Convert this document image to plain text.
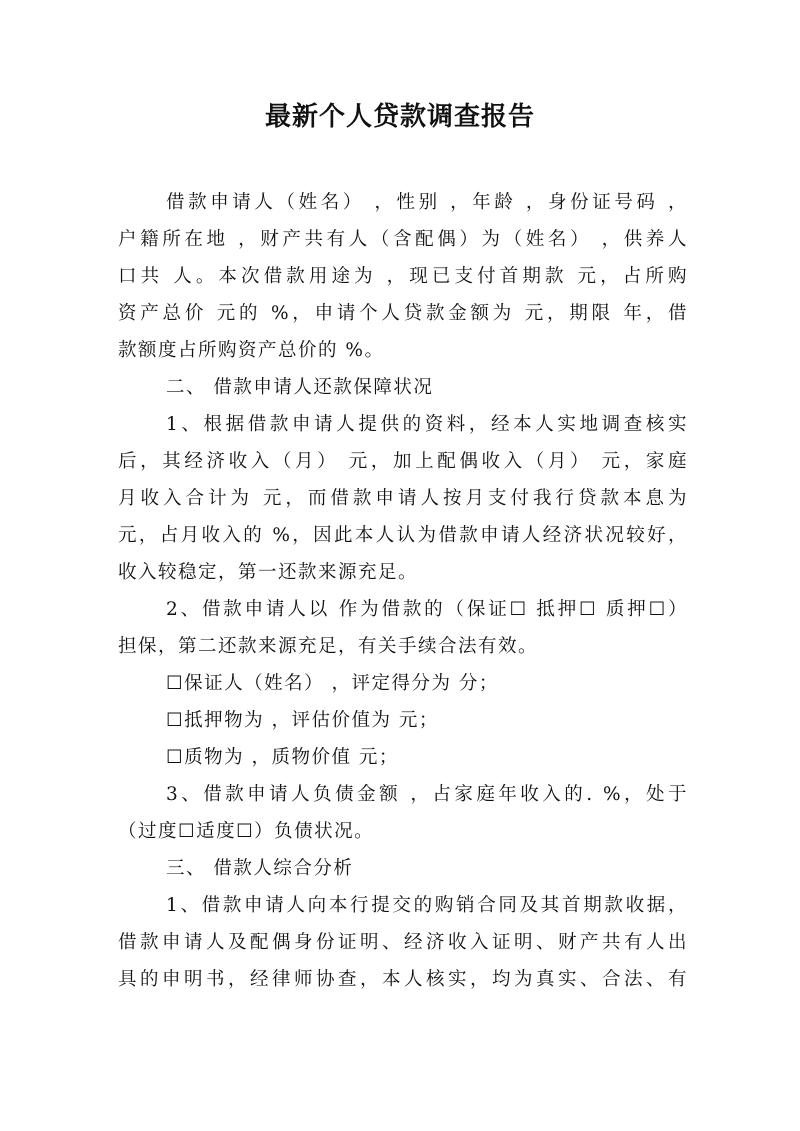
最新个人贷款调查报告
借款申请人（姓名） ，性别 ，年龄 ，身份证号码 ，
户籍所在地 ，财产共有人（含配偶）为（姓名） ，供养人
口共 人。本次借款用途为 ，现已支付首期款 元，占所购
资产总价 元的 %，申请个人贷款金额为 元，期限 年，借
款额度占所购资产总价的 %。
二、 借款申请人还款保障状况
1、根据借款申请人提供的资料，经本人实地调查核实
后，其经济收入（月） 元，加上配偶收入（月） 元，家庭
月收入合计为 元，而借款申请人按月支付我行贷款本息为
元，占月收入的 %，因此本人认为借款申请人经济状况较好，
收入较稳定，第一还款来源充足。
2、借款申请人以 作为借款的（保证☐ 抵押☐ 质押☐）
担保，第二还款来源充足，有关手续合法有效。
☐保证人（姓名） ，评定得分为 分；
☐抵押物为 ，评估价值为 元；
☐质物为 ，质物价值 元；
3、借款申请人负债金额 ，占家庭年收入的. %，处于
（过度☐适度☐）负债状况。
三、 借款人综合分析
1、借款申请人向本行提交的购销合同及其首期款收据，
借款申请人及配偶身份证明、经济收入证明、财产共有人出
具的申明书，经律师协查，本人核实，均为真实、合法、有
